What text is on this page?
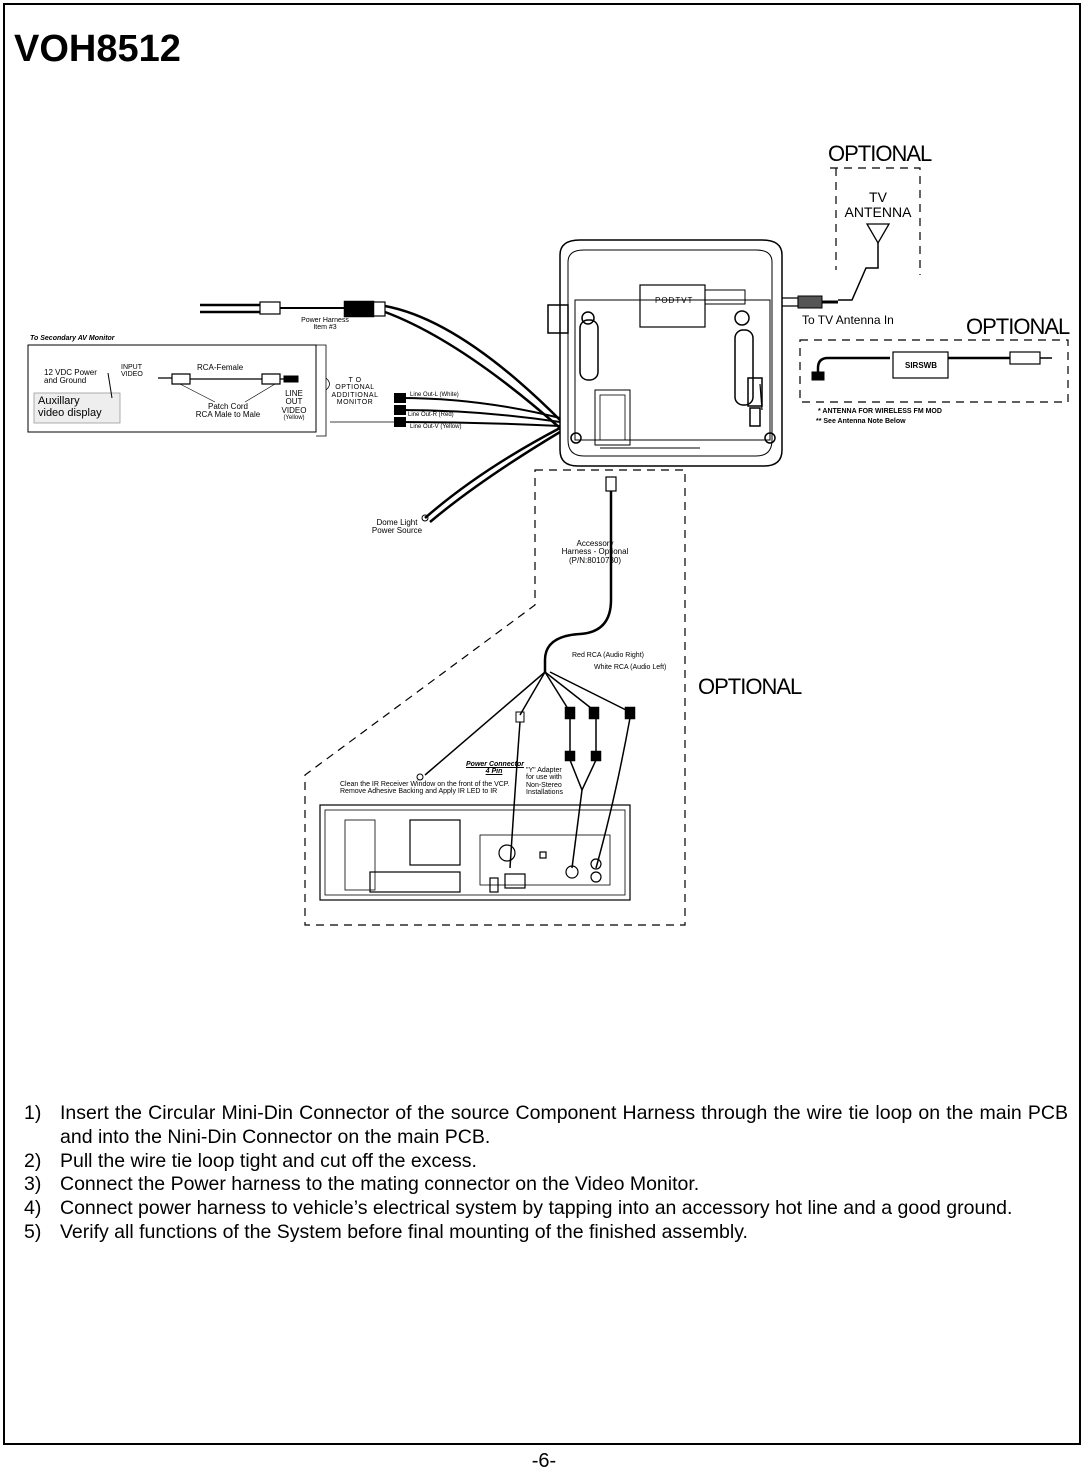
VOH8512
OPTIONAL
OPTIONAL
OPTIONAL
TV
ANTENNA
To TV Antenna In
PODTVT
SIRSWB
* ANTENNA FOR WIRELESS FM MOD
** See Antenna Note Below
To Secondary AV Monitor
12 VDC Power
and Ground
Auxillary
video display
INPUT
VIDEO
RCA-Female
Patch Cord
RCA Male to Male
LINE
OUT
VIDEO
(Yellow)
Power Harness
Item #3
T O
OPTIONAL
ADDITIONAL
MONITOR
Line Out-L (White)
Line Out-R (Red)
Line Out-V (Yellow)
Dome Light
Power Source
Accessory
Harness - Optional
(P/N:8010730)
Red RCA (Audio Right)
White RCA (Audio Left)
Power Connector
4 Pin	"Y" Adapter
for use with
Non-Stereo
Installations
Clean the IR Receiver Window on the front of the VCP.
Remove Adhesive Backing and Apply IR LED to IR
1) Insert the Circular Mini-Din Connector of the source Component Harness through the wire tie loop on the main PCB and into the Nini-Din Connector on the main PCB.
2) Pull the wire tie loop tight and cut off the excess.
3) Connect the Power harness to the mating connector on the Video Monitor.
4) Connect power harness to vehicle’s electrical system by tapping into an accessory hot line and a good ground.
5) Verify all functions of the System before final mounting of the finished assembly.
-6-
